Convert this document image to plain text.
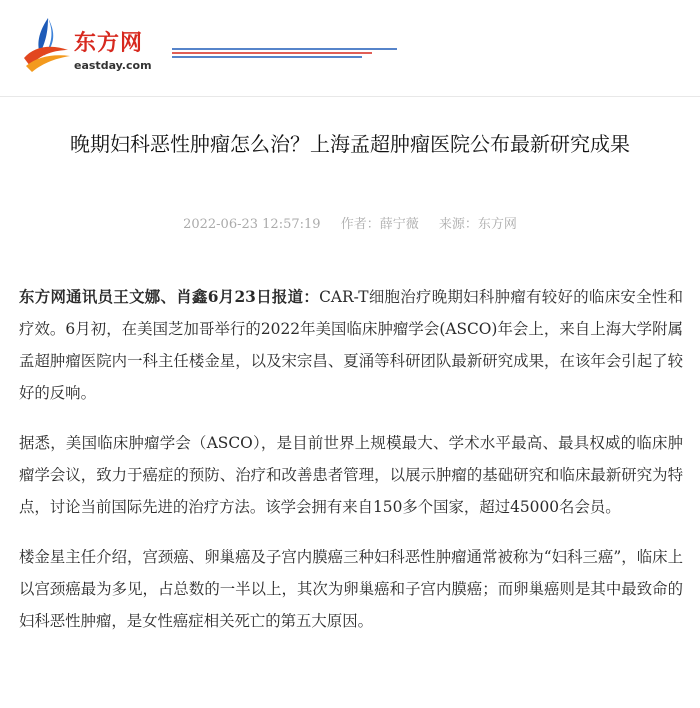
东方网
eastday.com
晚期妇科恶性肿瘤怎么治？上海孟超肿瘤医院公布最新研究成果
2022-06-23 12:57:19 作者：薛宁薇 来源：东方网

东方网通讯员王文娜、肖鑫6月23日报道：CAR-T细胞治疗晚期妇科肿瘤有较好的临床安全性和疗效。6月初，在美国芝加哥举行的2022年美国临床肿瘤学会(ASCO)年会上，来自上海大学附属孟超肿瘤医院内一科主任楼金星，以及宋宗昌、夏涌等科研团队最新研究成果，在该年会引起了较好的反响。

据悉，美国临床肿瘤学会（ASCO），是目前世界上规模最大、学术水平最高、最具权威的临床肿瘤学会议，致力于癌症的预防、治疗和改善患者管理，以展示肿瘤的基础研究和临床最新研究为特点，讨论当前国际先进的治疗方法。该学会拥有来自150多个国家，超过45000名会员。

楼金星主任介绍，宫颈癌、卵巢癌及子宫内膜癌三种妇科恶性肿瘤通常被称为“妇科三癌”，临床上以宫颈癌最为多见，占总数的一半以上，其次为卵巢癌和子宫内膜癌；而卵巢癌则是其中最致命的妇科恶性肿瘤，是女性癌症相关死亡的第五大原因。
